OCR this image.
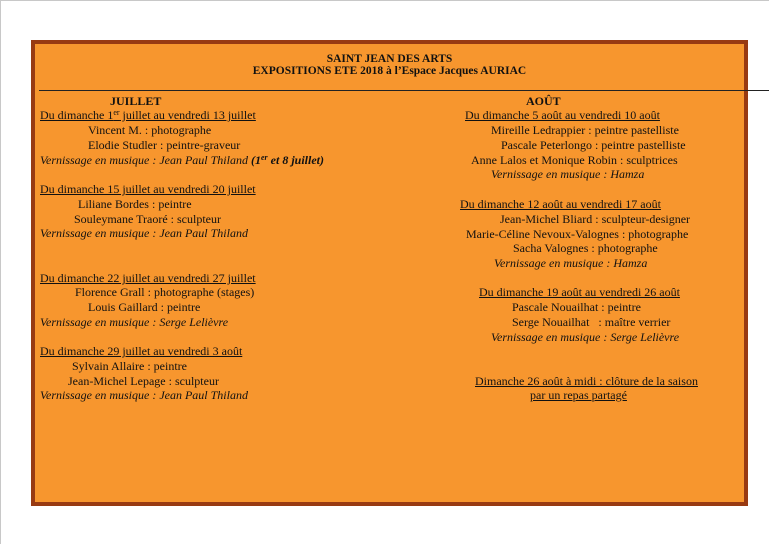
SAINT JEAN DES ARTS
EXPOSITIONS ETE 2018 à l’Espace Jacques AURIAC
JUILLET
Du dimanche 1er juillet au vendredi 13 juillet
Vincent M. : photographe
Elodie Studler : peintre-graveur
Vernissage en musique : Jean Paul Thiland (1er et 8 juillet)
Du dimanche 15 juillet au vendredi 20 juillet
Liliane Bordes : peintre
Souleymane Traoré : sculpteur
Vernissage en musique : Jean Paul Thiland
Du dimanche 22 juillet au vendredi 27 juillet
Florence Grall : photographe (stages)
Louis Gaillard : peintre
Vernissage en musique : Serge Lelièvre
Du dimanche 29 juillet au vendredi 3 août
Sylvain Allaire : peintre
Jean-Michel Lepage : sculpteur
Vernissage en musique : Jean Paul Thiland
AOÛT
Du dimanche 5 août au vendredi 10 août
Mireille Ledrappier : peintre pastelliste
Pascale Peterlongo : peintre pastelliste
Anne Lalos et Monique Robin : sculptrices
Vernissage en musique : Hamza
Du dimanche 12 août au vendredi 17 août
Jean-Michel Bliard : sculpteur-designer
Marie-Céline Nevoux-Valognes : photographe
Sacha Valognes : photographe
Vernissage en musique : Hamza
Du dimanche 19 août au vendredi 26 août
Pascale Nouailhat : peintre
Serge Nouailhat   : maître verrier
Vernissage en musique : Serge Lelièvre
Dimanche 26 août à midi : clôture de la saison
par un repas partagé
